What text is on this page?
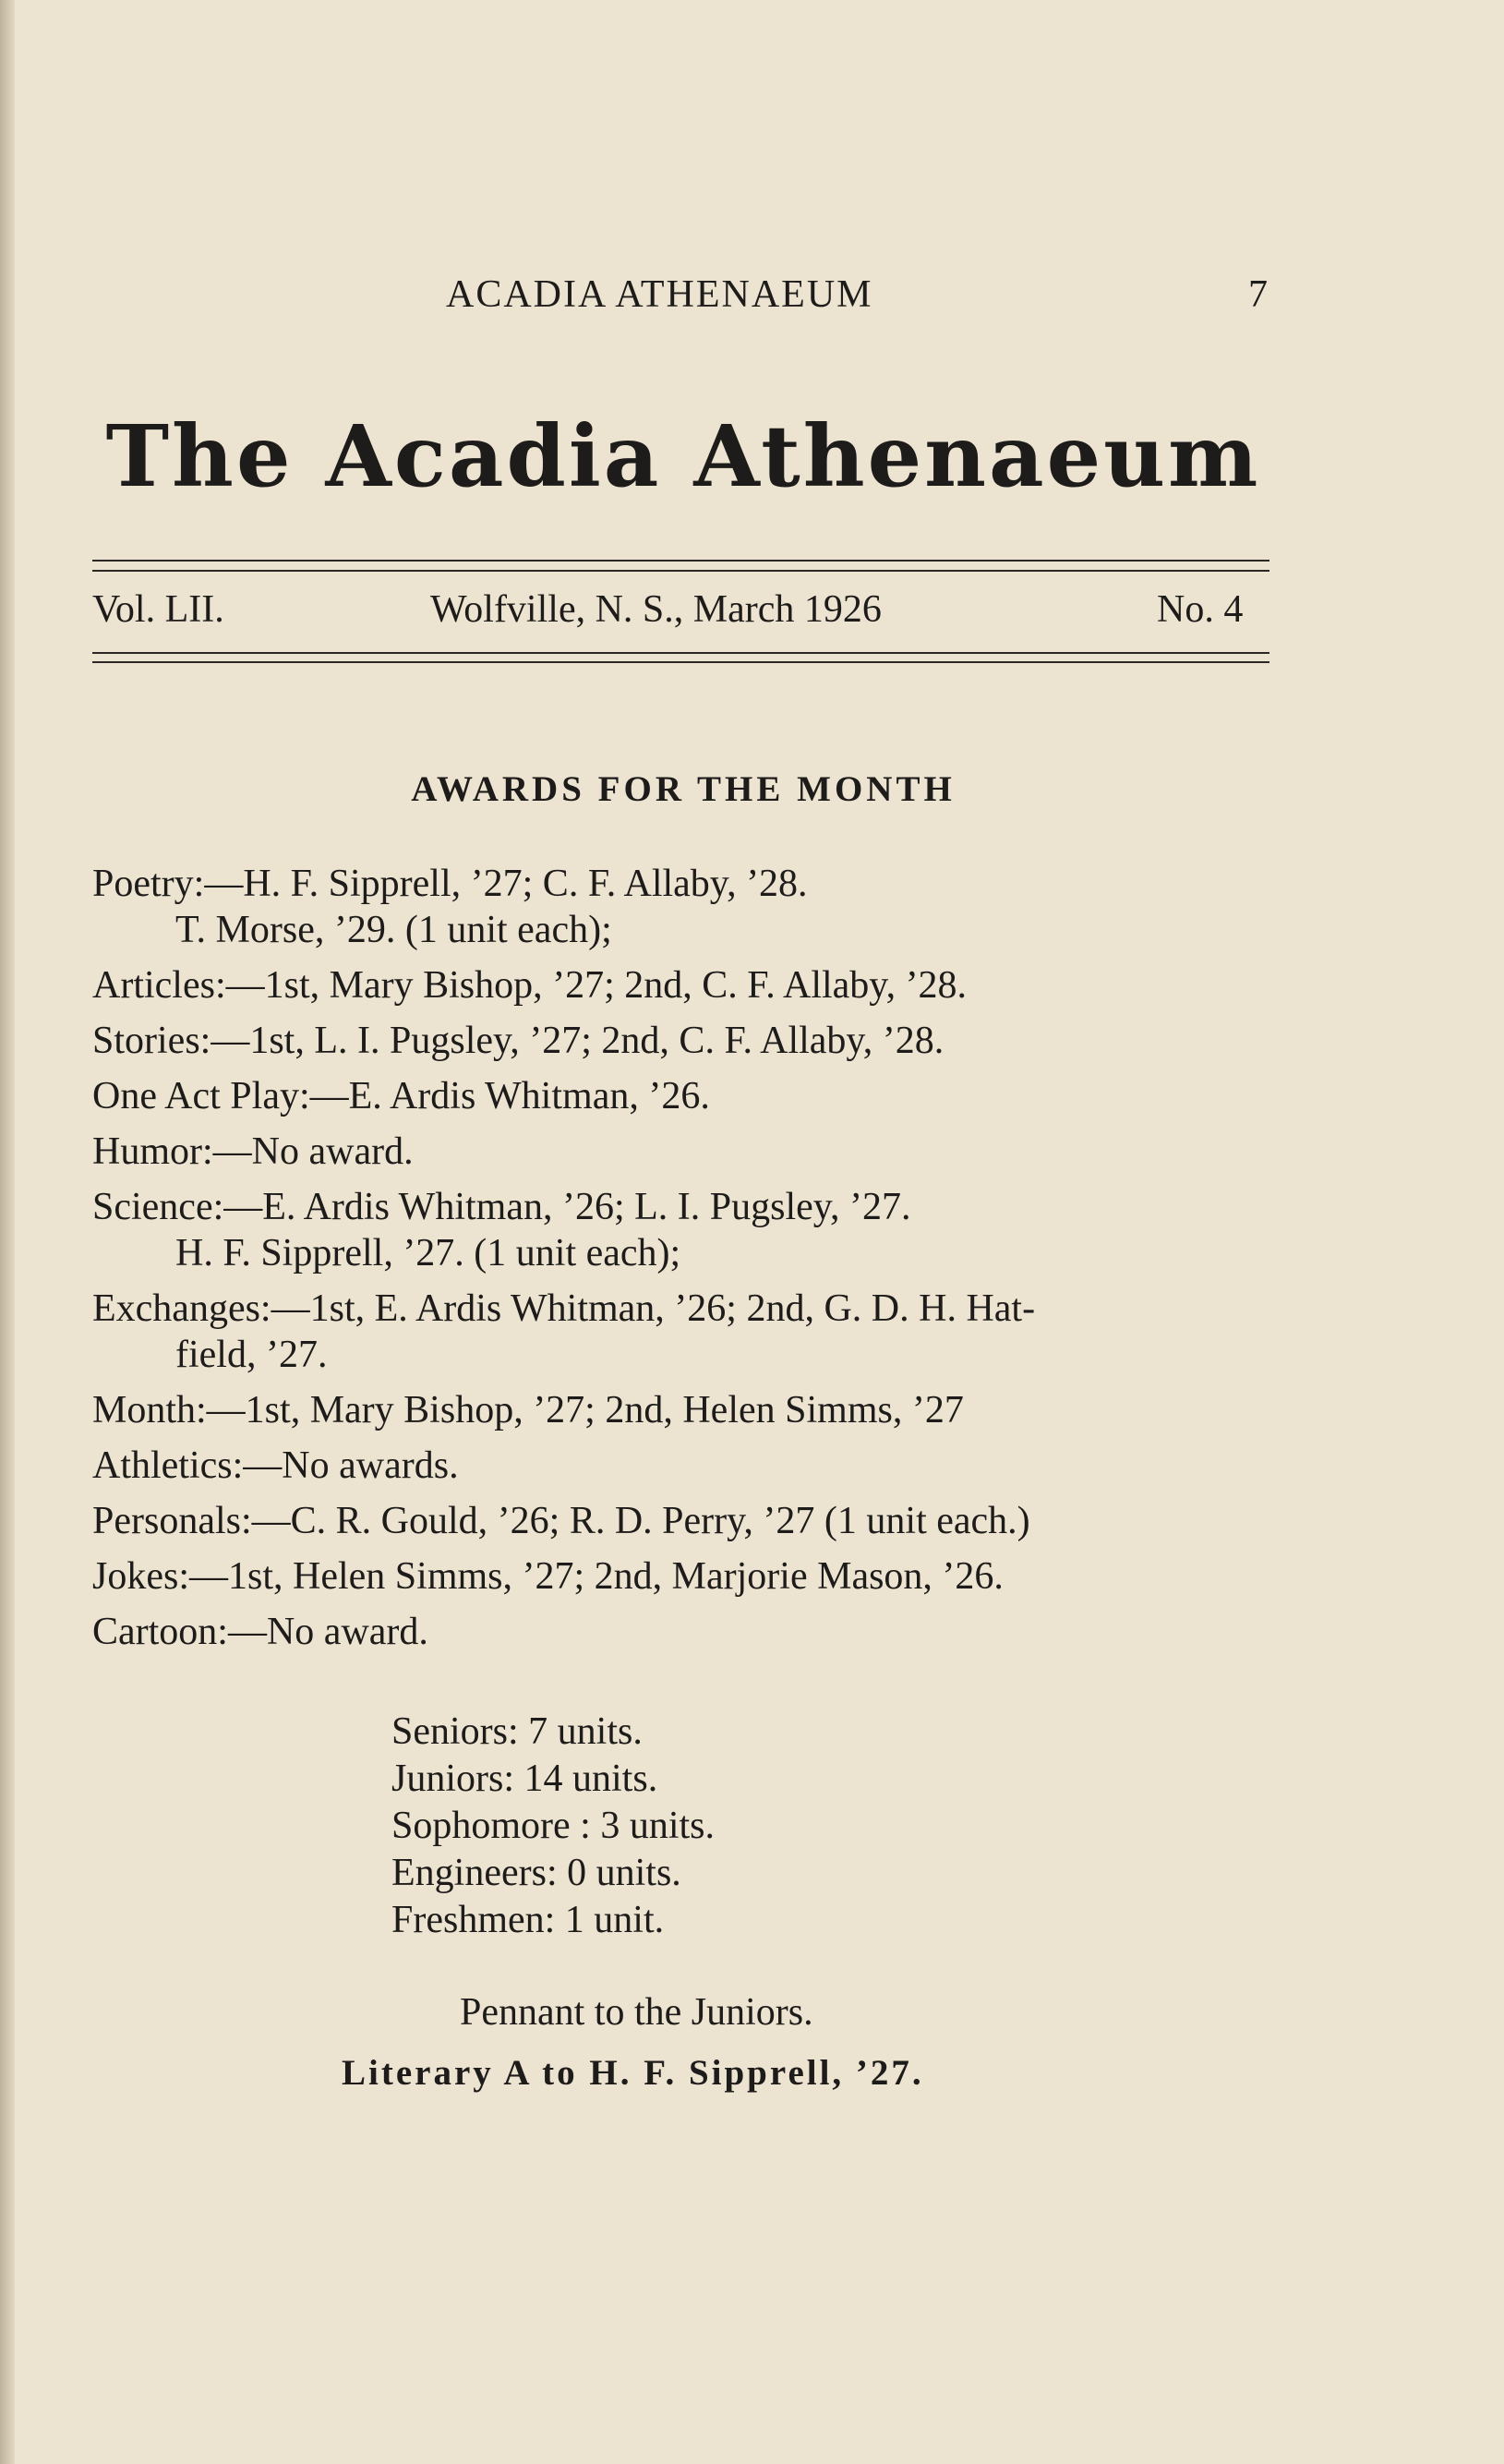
ACADIA ATHENAEUM	7
The Acadia Athenaeum
Vol. LII.	Wolfville, N. S., March 1926	No. 4
AWARDS FOR THE MONTH
Poetry:—H. F. Sipprell, ’27; C. F. Allaby, ’28.
T. Morse, ’29. (1 unit each);
Articles:—1st, Mary Bishop, ’27; 2nd, C. F. Allaby, ’28.
Stories:—1st, L. I. Pugsley, ’27; 2nd, C. F. Allaby, ’28.
One Act Play:—E. Ardis Whitman, ’26.
Humor:—No award.
Science:—E. Ardis Whitman, ’26; L. I. Pugsley, ’27.
H. F. Sipprell, ’27. (1 unit each);
Exchanges:—1st, E. Ardis Whitman, ’26; 2nd, G. D. H. Hat-
field, ’27.
Month:—1st, Mary Bishop, ’27; 2nd, Helen Simms, ’27
Athletics:—No awards.
Personals:—C. R. Gould, ’26; R. D. Perry, ’27 (1 unit each.)
Jokes:—1st, Helen Simms, ’27; 2nd, Marjorie Mason, ’26.
Cartoon:—No award.
Seniors: 7 units.
Juniors: 14 units.
Sophomore : 3 units.
Engineers: 0 units.
Freshmen: 1 unit.
Pennant to the Juniors.
Literary A to H. F. Sipprell, ’27.
